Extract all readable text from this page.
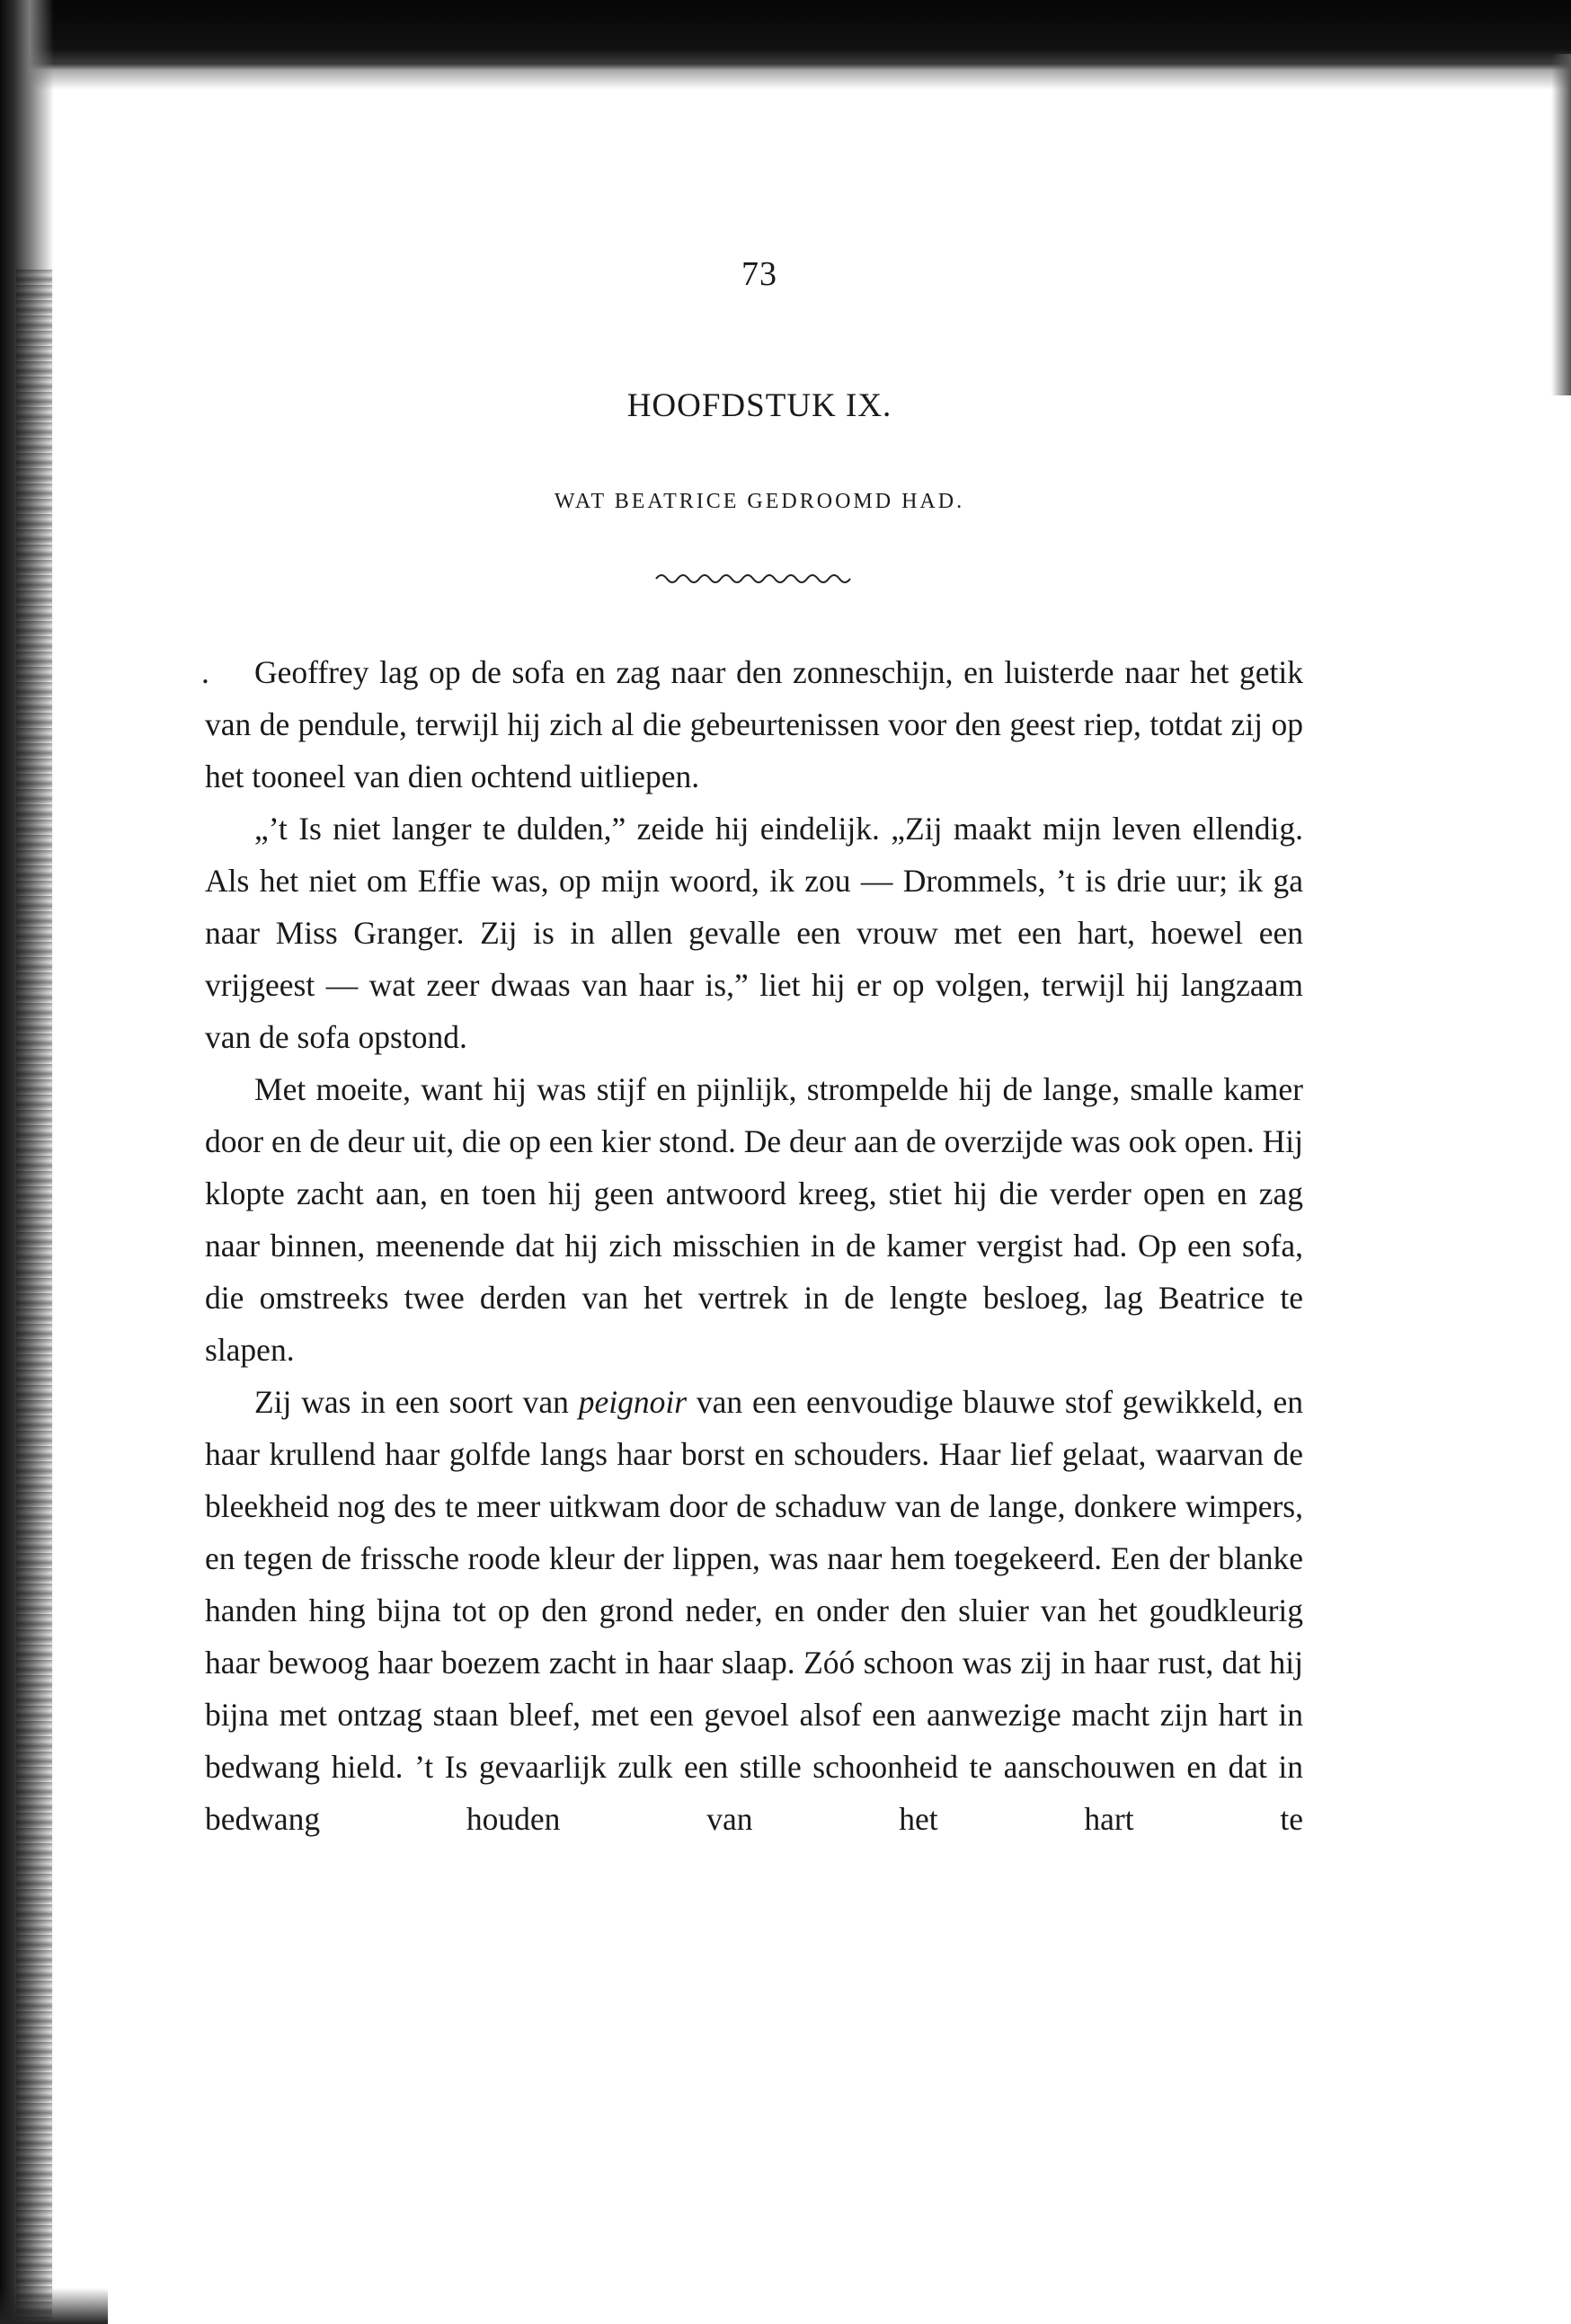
73
HOOFDSTUK IX.
WAT BEATRICE GEDROOMD HAD.

. Geoffrey lag op de sofa en zag naar den zonneschijn, en luisterde naar het getik van de pendule, terwijl hij zich al die gebeurtenissen voor den geest riep, totdat zij op het tooneel van dien ochtend uitliepen.

„’t Is niet langer te dulden,” zeide hij eindelijk. „Zij maakt mijn leven ellendig. Als het niet om Effie was, op mijn woord, ik zou — Drommels, ’t is drie uur; ik ga naar Miss Granger. Zij is in allen gevalle een vrouw met een hart, hoewel een vrijgeest — wat zeer dwaas van haar is,” liet hij er op volgen, terwijl hij langzaam van de sofa opstond.

Met moeite, want hij was stijf en pijnlijk, strompelde hij de lange, smalle kamer door en de deur uit, die op een kier stond. De deur aan de overzijde was ook open. Hij klopte zacht aan, en toen hij geen antwoord kreeg, stiet hij die verder open en zag naar binnen, meenende dat hij zich misschien in de kamer vergist had. Op een sofa, die omstreeks twee derden van het vertrek in de lengte besloeg, lag Beatrice te slapen.

Zij was in een soort van peignoir van een eenvoudige blauwe stof gewikkeld, en haar krullend haar golfde langs haar borst en schouders. Haar lief gelaat, waarvan de bleekheid nog des te meer uitkwam door de schaduw van de lange, donkere wimpers, en tegen de frissche roode kleur der lippen, was naar hem toegekeerd. Een der blanke handen hing bijna tot op den grond neder, en onder den sluier van het goudkleurig haar bewoog haar boezem zacht in haar slaap. Zóó schoon was zij in haar rust, dat hij bijna met ontzag staan bleef, met een gevoel alsof een aanwezige macht zijn hart in bedwang hield. ’t Is gevaarlijk zulk een stille schoonheid te aanschouwen en dat in bedwang houden van het hart te
